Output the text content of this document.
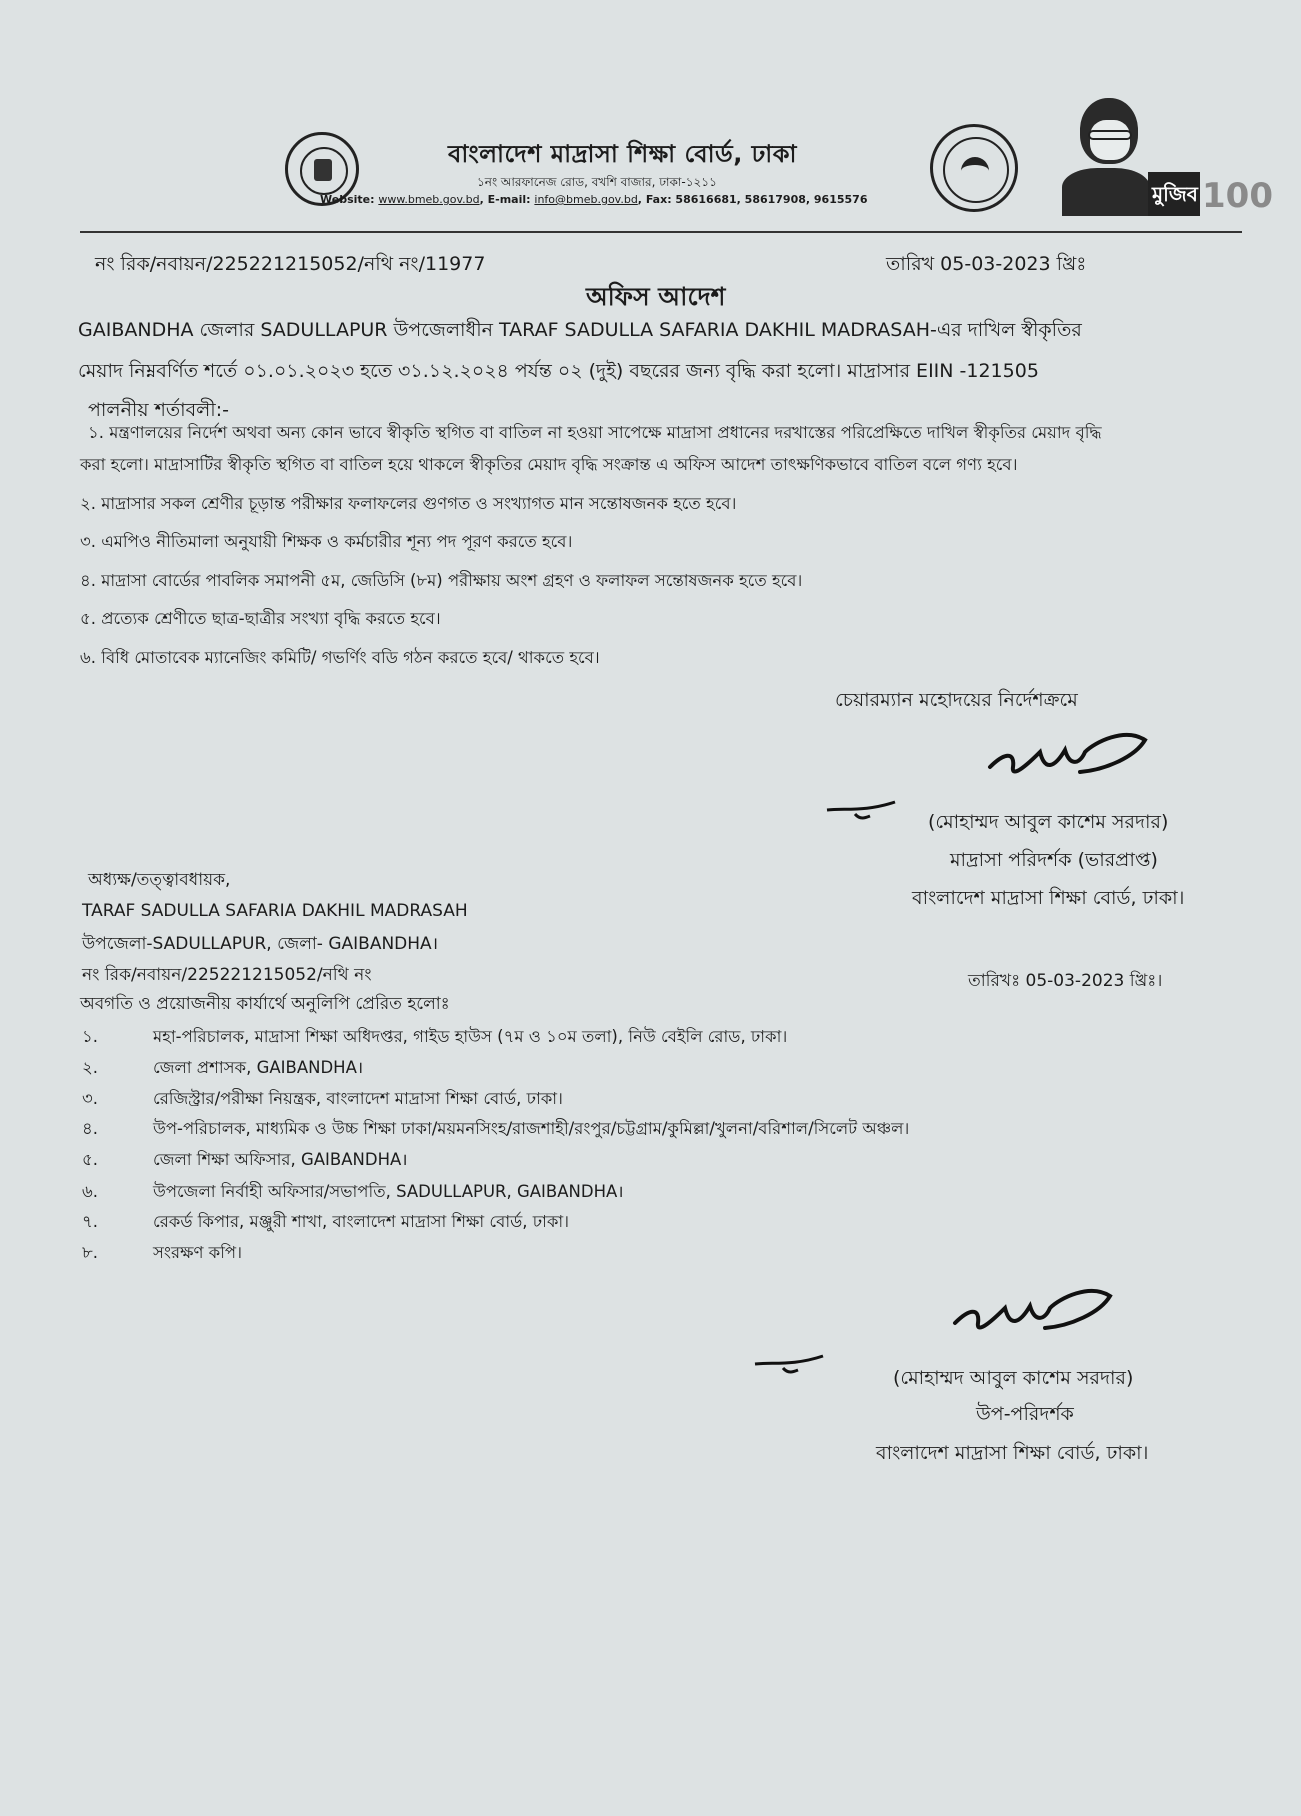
বাংলাদেশ মাদ্রাসা শিক্ষা বোর্ড, ঢাকা
১নং আরফানেজ রোড, বখশি বাজার, ঢাকা-১২১১
Website: www.bmeb.gov.bd, E-mail: info@bmeb.gov.bd, Fax: 58616681, 58617908, 9615576	মুজিব 100
নং রিক/নবায়ন/225221215052/নথি নং/11977	তারিখ 05-03-2023 খ্রিঃ
অফিস আদেশ
GAIBANDHA জেলার SADULLAPUR উপজেলাধীন TARAF SADULLA SAFARIA DAKHIL MADRASAH-এর দাখিল স্বীকৃতির
মেয়াদ নিম্নবর্ণিত শর্তে ০১.০১.২০২৩ হতে ৩১.১২.২০২৪ পর্যন্ত ০২ (দুই) বছরের জন্য বৃদ্ধি করা হলো। মাদ্রাসার EIIN -121505
পালনীয় শর্তাবলী:-
১. মন্ত্রণালয়ের নির্দেশ অথবা অন্য কোন ভাবে স্বীকৃতি স্থগিত বা বাতিল না হওয়া সাপেক্ষে মাদ্রাসা প্রধানের দরখাস্তের পরিপ্রেক্ষিতে দাখিল স্বীকৃতির মেয়াদ বৃদ্ধি
করা হলো। মাদ্রাসাটির স্বীকৃতি স্থগিত বা বাতিল হয়ে থাকলে স্বীকৃতির মেয়াদ বৃদ্ধি সংক্রান্ত এ অফিস আদেশ তাৎক্ষণিকভাবে বাতিল বলে গণ্য হবে।
২. মাদ্রাসার সকল শ্রেণীর চূড়ান্ত পরীক্ষার ফলাফলের গুণগত ও সংখ্যাগত মান সন্তোষজনক হতে হবে।
৩. এমপিও নীতিমালা অনুযায়ী শিক্ষক ও কর্মচারীর শূন্য পদ পূরণ করতে হবে।
৪. মাদ্রাসা বোর্ডের পাবলিক সমাপনী ৫ম, জেডিসি (৮ম) পরীক্ষায় অংশ গ্রহণ ও ফলাফল সন্তোষজনক হতে হবে।
৫. প্রত্যেক শ্রেণীতে ছাত্র-ছাত্রীর সংখ্যা বৃদ্ধি করতে হবে।
৬. বিধি মোতাবেক ম্যানেজিং কমিটি/ গভর্ণিং বডি গঠন করতে হবে/ থাকতে হবে।
চেয়ারম্যান মহোদয়ের নির্দেশক্রমে
(মোহাম্মদ আবুল কাশেম সরদার)
মাদ্রাসা পরিদর্শক (ভারপ্রাপ্ত)
বাংলাদেশ মাদ্রাসা শিক্ষা বোর্ড, ঢাকা।
অধ্যক্ষ/তত্ত্বাবধায়ক,
TARAF SADULLA SAFARIA DAKHIL MADRASAH
উপজেলা-SADULLAPUR, জেলা- GAIBANDHA।
নং রিক/নবায়ন/225221215052/নথি নং	তারিখঃ 05-03-2023 খ্রিঃ।
অবগতি ও প্রয়োজনীয় কার্যার্থে অনুলিপি প্রেরিত হলোঃ
১.	মহা-পরিচালক, মাদ্রাসা শিক্ষা অধিদপ্তর, গাইড হাউস (৭ম ও ১০ম তলা), নিউ বেইলি রোড, ঢাকা।
২.	জেলা প্রশাসক, GAIBANDHA।
৩.	রেজিস্ট্রার/পরীক্ষা নিয়ন্ত্রক, বাংলাদেশ মাদ্রাসা শিক্ষা বোর্ড, ঢাকা।
৪.	উপ-পরিচালক, মাধ্যমিক ও উচ্চ শিক্ষা ঢাকা/ময়মনসিংহ/রাজশাহী/রংপুর/চট্টগ্রাম/কুমিল্লা/খুলনা/বরিশাল/সিলেট অঞ্চল।
৫.	জেলা শিক্ষা অফিসার, GAIBANDHA।
৬.	উপজেলা নির্বাহী অফিসার/সভাপতি, SADULLAPUR, GAIBANDHA।
৭.	রেকর্ড কিপার, মঞ্জুরী শাখা, বাংলাদেশ মাদ্রাসা শিক্ষা বোর্ড, ঢাকা।
৮.	সংরক্ষণ কপি।
(মোহাম্মদ আবুল কাশেম সরদার)
উপ-পরিদর্শক
বাংলাদেশ মাদ্রাসা শিক্ষা বোর্ড, ঢাকা।
